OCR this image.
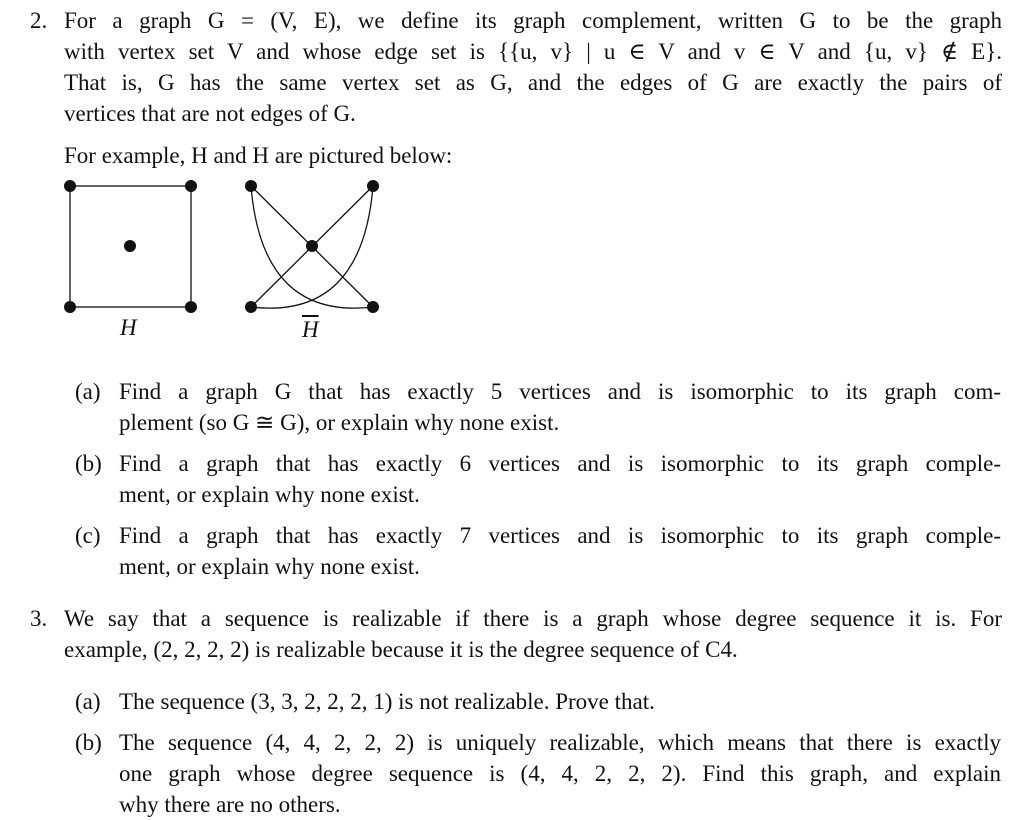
2. For a graph G = (V, E), we define its graph complement, written G to be the graph
with vertex set V and whose edge set is {{u, v} | u ∈ V and v ∈ V and {u, v} ∉ E}.
That is, G has the same vertex set as G, and the edges of G are exactly the pairs of
vertices that are not edges of G.
For example, H and H are pictured below:
H	$\overline{H}$
(a) Find a graph G that has exactly 5 vertices and is isomorphic to its graph com-
plement (so G ≅ G), or explain why none exist.
(b) Find a graph that has exactly 6 vertices and is isomorphic to its graph comple-
ment, or explain why none exist.
(c) Find a graph that has exactly 7 vertices and is isomorphic to its graph comple-
ment, or explain why none exist.
3. We say that a sequence is realizable if there is a graph whose degree sequence it is. For
example, (2, 2, 2, 2) is realizable because it is the degree sequence of C4.
(a) The sequence (3, 3, 2, 2, 2, 1) is not realizable. Prove that.
(b) The sequence (4, 4, 2, 2, 2) is uniquely realizable, which means that there is exactly
one graph whose degree sequence is (4, 4, 2, 2, 2). Find this graph, and explain
why there are no others.
